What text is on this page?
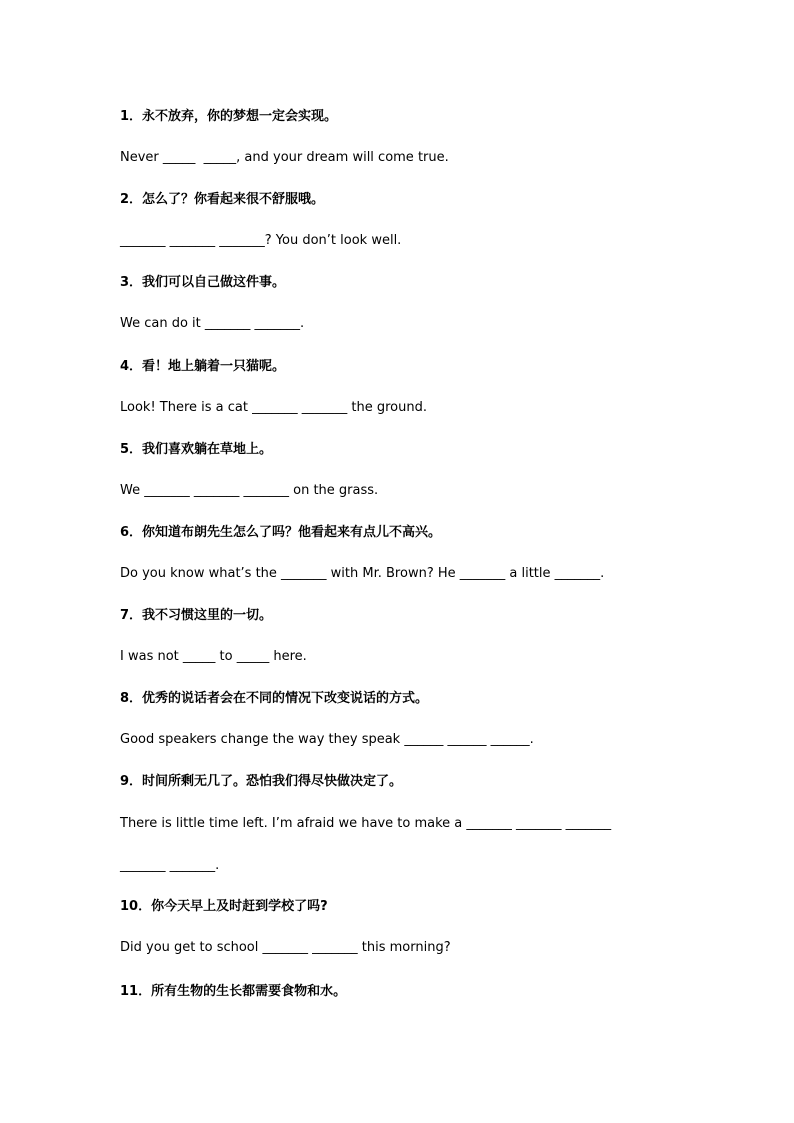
1．永不放弃，你的梦想一定会实现。
Never _____  _____, and your dream will come true.
2．怎么了？你看起来很不舒服哦。
_______ _______ _______? You don’t look well.
3．我们可以自己做这件事。
We can do it _______ _______.
4．看！地上躺着一只猫呢。
Look! There is a cat _______ _______ the ground.
5．我们喜欢躺在草地上。
We _______ _______ _______ on the grass.
6．你知道布朗先生怎么了吗？他看起来有点儿不高兴。
Do you know what’s the _______ with Mr. Brown? He _______ a little _______.
7．我不习惯这里的一切。
I was not _____ to _____ here.
8．优秀的说话者会在不同的情况下改变说话的方式。
Good speakers change the way they speak ______ ______ ______.
9．时间所剩无几了。恐怕我们得尽快做决定了。
There is little time left. I’m afraid we have to make a _______ _______ _______
_______ _______.
10．你今天早上及时赶到学校了吗?
Did you get to school _______ _______ this morning?
11．所有生物的生长都需要食物和水。
